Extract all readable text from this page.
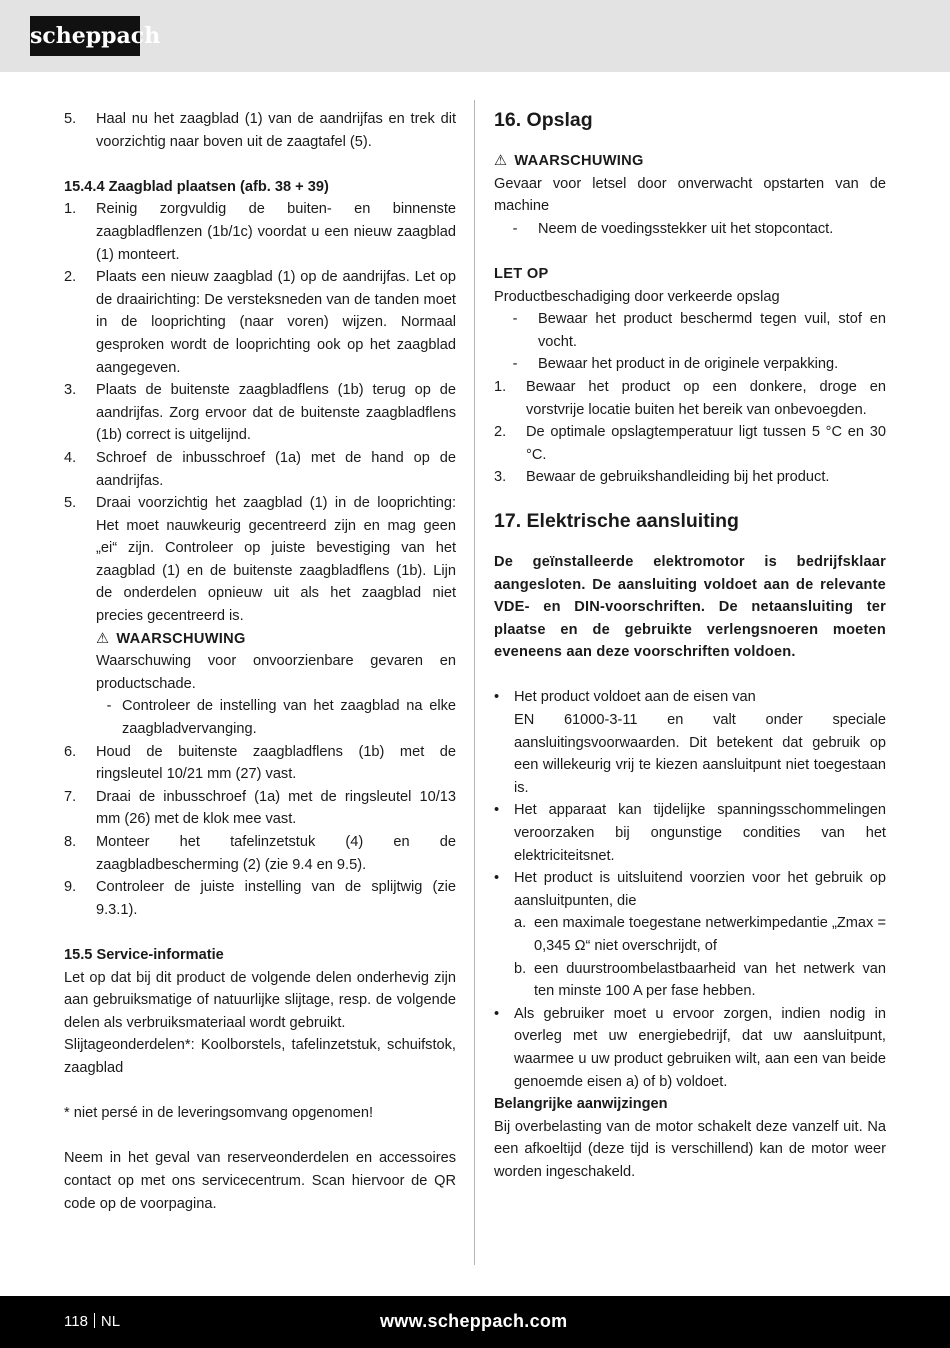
scheppach
5.	Haal nu het zaagblad (1) van de aandrijfas en trek dit voorzichtig naar boven uit de zaagtafel (5).
15.4.4 Zaagblad plaatsen (afb. 38 + 39)
1.	Reinig zorgvuldig de buiten- en binnenste zaagbladflenzen (1b/1c) voordat u een nieuw zaagblad (1) monteert.
2.	Plaats een nieuw zaagblad (1) op de aandrijfas. Let op de draairichting: De versteksneden van de tanden moet in de looprichting (naar voren) wijzen. Normaal gesproken wordt de looprichting ook op het zaagblad aangegeven.
3.	Plaats de buitenste zaagbladflens (1b) terug op de aandrijfas. Zorg ervoor dat de buitenste zaagbladflens (1b) correct is uitgelijnd.
4.	Schroef de inbusschroef (1a) met de hand op de aandrijfas.
5.	Draai voorzichtig het zaagblad (1) in de looprichting: Het moet nauwkeurig gecentreerd zijn en mag geen „ei“ zijn. Controleer op juiste bevestiging van het zaagblad (1) en de buitenste zaagbladflens (1b). Lijn de onderdelen opnieuw uit als het zaagblad niet precies gecentreerd is.
⚠ WAARSCHUWING
Waarschuwing voor onvoorzienbare gevaren en productschade.
- Controleer de instelling van het zaagblad na elke zaagbladvervanging.
6.	Houd de buitenste zaagbladflens (1b) met de ringsleutel 10/21 mm (27) vast.
7.	Draai de inbusschroef (1a) met de ringsleutel 10/13 mm (26) met de klok mee vast.
8.	Monteer het tafelinzetstuk (4) en de zaagbladbescherming (2) (zie 9.4 en 9.5).
9.	Controleer de juiste instelling van de splijtwig (zie 9.3.1).
15.5 Service-informatie
Let op dat bij dit product de volgende delen onderhevig zijn aan gebruiksmatige of natuurlijke slijtage, resp. de volgende delen als verbruiksmateriaal wordt gebruikt.
Slijtageonderdelen*: Koolborstels, tafelinzetstuk, schuifstok, zaagblad
* niet persé in de leveringsomvang opgenomen!
Neem in het geval van reserveonderdelen en accessoires contact op met ons servicecentrum. Scan hiervoor de QR code op de voorpagina.
16. Opslag
⚠ WAARSCHUWING
Gevaar voor letsel door onverwacht opstarten van de machine
-	Neem de voedingsstekker uit het stopcontact.
LET OP
Productbeschadiging door verkeerde opslag
-	Bewaar het product beschermd tegen vuil, stof en vocht.
-	Bewaar het product in de originele verpakking.
1.	Bewaar het product op een donkere, droge en vorstvrije locatie buiten het bereik van onbevoegden.
2.	De optimale opslagtemperatuur ligt tussen 5 °C en 30 °C.
3.	Bewaar de gebruikshandleiding bij het product.
17. Elektrische aansluiting
De geïnstalleerde elektromotor is bedrijfsklaar aangesloten. De aansluiting voldoet aan de relevante VDE- en DIN-voorschriften. De netaansluiting ter plaatse en de gebruikte verlengsnoeren moeten eveneens aan deze voorschriften voldoen.
•	Het product voldoet aan de eisen van
EN 61000-3-11 en valt onder speciale aansluitingsvoorwaarden. Dit betekent dat gebruik op een willekeurig vrij te kiezen aansluitpunt niet toegestaan is.
•	Het apparaat kan tijdelijke spanningsschommelingen veroorzaken bij ongunstige condities van het elektriciteitsnet.
•	Het product is uitsluitend voorzien voor het gebruik op aansluitpunten, die
a. een maximale toegestane netwerkimpedantie „Zmax = 0,345 Ω“ niet overschrijdt, of
b. een duurstroombelastbaarheid van het netwerk van ten minste 100 A per fase hebben.
•	Als gebruiker moet u ervoor zorgen, indien nodig in overleg met uw energiebedrijf, dat uw aansluitpunt, waarmee u uw product gebruiken wilt, aan een van beide genoemde eisen a) of b) voldoet.
Belangrijke aanwijzingen
Bij overbelasting van de motor schakelt deze vanzelf uit. Na een afkoeltijd (deze tijd is verschillend) kan de motor weer worden ingeschakeld.
118 NL	www.scheppach.com
